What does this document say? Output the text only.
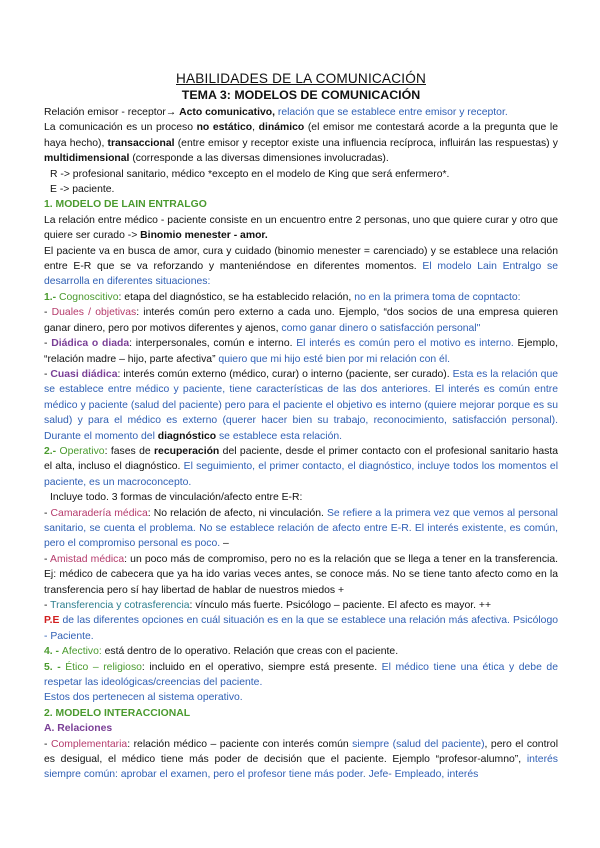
HABILIDADES DE LA COMUNICACIÓN
TEMA 3: MODELOS DE COMUNICACIÓN

Relación emisor - receptor→ Acto comunicativo, relación que se establece entre emisor y receptor.

La comunicación es un proceso no estático, dinámico (el emisor me contestará acorde a la pregunta que le haya hecho), transaccional (entre emisor y receptor existe una influencia recíproca, influirán las respuestas) y multidimensional (corresponde a las diversas dimensiones involucradas).

R -> profesional sanitario, médico *excepto en el modelo de King que será enfermero*.

E -> paciente.

1. MODELO DE LAIN ENTRALGO

La relación entre médico - paciente consiste en un encuentro entre 2 personas, uno que quiere curar y otro que quiere ser curado -> Binomio menester - amor.

El paciente va en busca de amor, cura y cuidado (binomio menester = carenciado) y se establece una relación entre E-R que se va reforzando y manteniéndose en diferentes momentos. El modelo Lain Entralgo se desarrolla en diferentes situaciones:

1.- Cognoscitivo: etapa del diagnóstico, se ha establecido relación, no en la primera toma de copntacto:

- Duales / objetivas: interés común pero externo a cada uno. Ejemplo, “dos socios de una empresa quieren ganar dinero, pero por motivos diferentes y ajenos, como ganar dinero o satisfacción personal"

- Diádica o diada: interpersonales, común e interno. El interés es común pero el motivo es interno. Ejemplo, “relación madre – hijo, parte afectiva” quiero que mi hijo esté bien por mi relación con él.

- Cuasi diádica: interés común externo (médico, curar) o interno (paciente, ser curado). Esta es la relación que se establece entre médico y paciente, tiene características de las dos anteriores. El interés es común entre médico y paciente (salud del paciente) pero para el paciente el objetivo es interno (quiere mejorar porque es su salud) y para el médico es externo (querer hacer bien su trabajo, reconocimiento, satisfacción personal). Durante el momento del diagnóstico se establece esta relación.

2.- Operativo: fases de recuperación del paciente, desde el primer contacto con el profesional sanitario hasta el alta, incluso el diagnóstico. El seguimiento, el primer contacto, el diagnóstico, incluye todos los momentos el paciente, es un macroconcepto.

Incluye todo. 3 formas de vinculación/afecto entre E-R:

- Camaradería médica: No relación de afecto, ni vinculación. Se refiere a la primera vez que vemos al personal sanitario, se cuenta el problema. No se establece relación de afecto entre E-R. El interés existente, es común, pero el compromiso personal es poco. –

- Amistad médica: un poco más de compromiso, pero no es la relación que se llega a tener en la transferencia. Ej: médico de cabecera que ya ha ido varias veces antes, se conoce más. No se tiene tanto afecto como en la transferencia pero sí hay libertad de hablar de nuestros miedos +

- Transferencia y cotrasferencia: vínculo más fuerte. Psicólogo – paciente. El afecto es mayor. ++

P.E de las diferentes opciones en cuál situación es en la que se establece una relación más afectiva. Psicólogo - Paciente.

4. - Afectivo: está dentro de lo operativo. Relación que creas con el paciente.

5. - Ético – religioso: incluido en el operativo, siempre está presente. El médico tiene una ética y debe de respetar las ideológicas/creencias del paciente.

Estos dos pertenecen al sistema operativo.

2. MODELO INTERACCIONAL

A. Relaciones

- Complementaria: relación médico – paciente con interés común siempre (salud del paciente), pero el control es desigual, el médico tiene más poder de decisión que el paciente. Ejemplo “profesor-alumno”, interés siempre común: aprobar el examen, pero el profesor tiene más poder. Jefe- Empleado, interés
